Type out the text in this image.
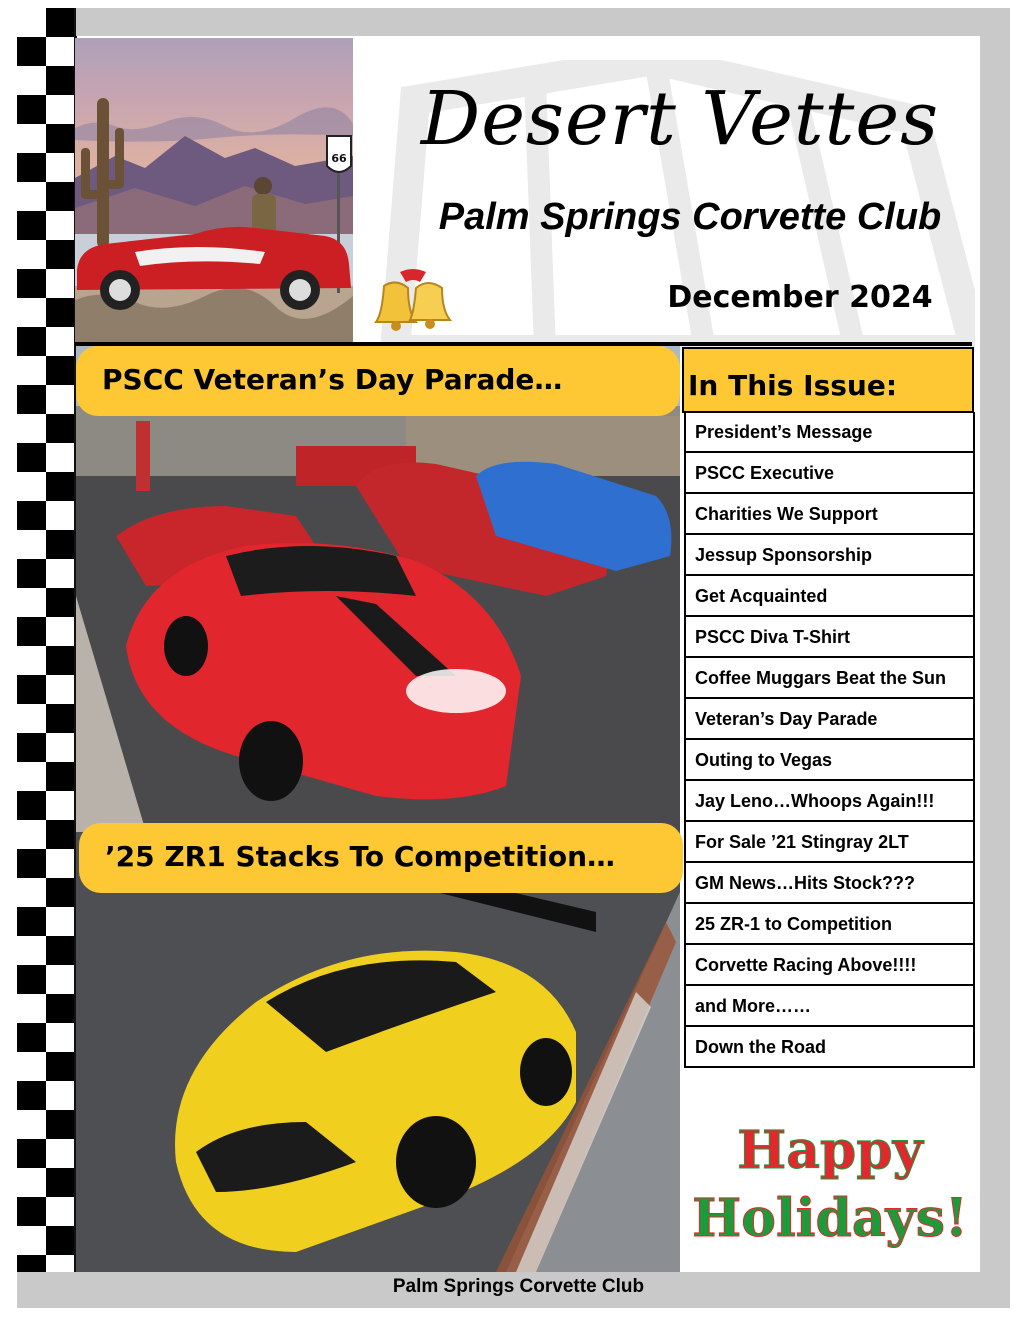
Palm Springs Corvette Club
66	Desert Vettes
Palm Springs Corvette Club
December 2024
PSCC Veteran’s Day Parade…
’25 ZR1 Stacks To Competition…
In This Issue:
President’s Message
PSCC Executive
Charities We Support
Jessup Sponsorship
Get Acquainted
PSCC Diva T-Shirt
Coffee Muggars Beat the Sun
Veteran’s Day Parade
Outing to Vegas
Jay Leno…Whoops Again!!!
For Sale ’21 Stingray 2LT
GM News…Hits Stock???
25 ZR-1 to Competition
Corvette Racing Above!!!!
and More……
Down the Road
Happy
Holidays!
